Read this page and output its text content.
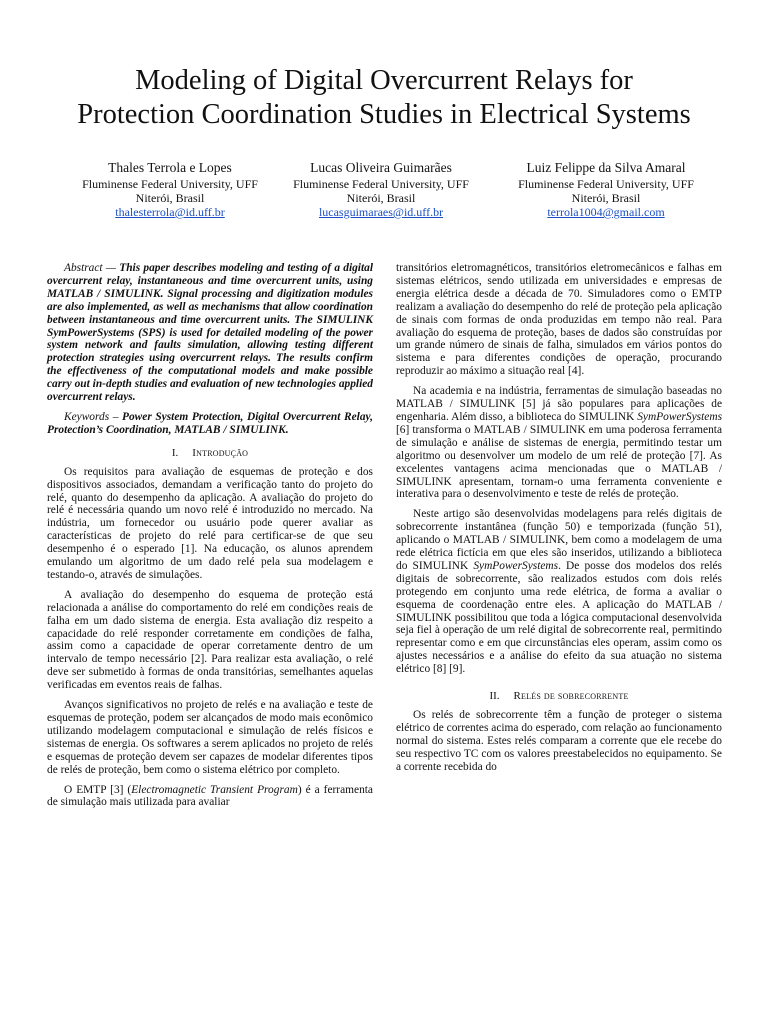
Modeling of Digital Overcurrent Relays for
Protection Coordination Studies in Electrical Systems
Thales Terrola e Lopes
Fluminense Federal University, UFF
Niterói, Brasil
thalesterrola@id.uff.br
Lucas Oliveira Guimarães
Fluminense Federal University, UFF
Niterói, Brasil
lucasguimaraes@id.uff.br
Luiz Felippe da Silva Amaral
Fluminense Federal University, UFF
Niterói, Brasil
terrola1004@gmail.com

Abstract — This paper describes modeling and testing of a digital overcurrent relay, instantaneous and time overcurrent units, using MATLAB / SIMULINK. Signal processing and digitization modules are also implemented, as well as mechanisms that allow coordination between instantaneous and time overcurrent units. The SIMULINK SymPowerSystems (SPS) is used for detailed modeling of the power system network and faults simulation, allowing testing different protection strategies using overcurrent relays. The results confirm the effectiveness of the computational models and make possible carry out in-depth studies and evaluation of new technologies applied overcurrent relays.

Keywords – Power System Protection, Digital Overcurrent Relay, Protection’s Coordination, MATLAB / SIMULINK.

I. Introdução

Os requisitos para avaliação de esquemas de proteção e dos dispositivos associados, demandam a verificação tanto do projeto do relé, quanto do desempenho da aplicação. A avaliação do projeto do relé é necessária quando um novo relé é introduzido no mercado. Na indústria, um fornecedor ou usuário pode querer avaliar as características de projeto do relé para certificar-se de que seu desempenho é o esperado [1]. Na educação, os alunos aprendem emulando um algoritmo de um dado relé pela sua modelagem e testando-o, através de simulações.

A avaliação do desempenho do esquema de proteção está relacionada a análise do comportamento do relé em condições reais de falha em um dado sistema de energia. Esta avaliação diz respeito a capacidade do relé responder corretamente em condições de falha, assim como a capacidade de operar corretamente dentro de um intervalo de tempo necessário [2]. Para realizar esta avaliação, o relé deve ser submetido à formas de onda transitórias, semelhantes aquelas verificadas em eventos reais de falhas.

Avanços significativos no projeto de relés e na avaliação e teste de esquemas de proteção, podem ser alcançados de modo mais econômico utilizando modelagem computacional e simulação de relés físicos e sistemas de energia. Os softwares a serem aplicados no projeto de relés e esquemas de proteção devem ser capazes de modelar diferentes tipos de relés de proteção, bem como o sistema elétrico por completo.

O EMTP [3] (Electromagnetic Transient Program) é a ferramenta de simulação mais utilizada para avaliar

transitórios eletromagnéticos, transitórios eletromecânicos e falhas em sistemas elétricos, sendo utilizada em universidades e empresas de energia elétrica desde a década de 70. Simuladores como o EMTP realizam a avaliação do desempenho do relé de proteção pela aplicação de sinais com formas de onda produzidas em tempo não real. Para avaliação do esquema de proteção, bases de dados são construídas por um grande número de sinais de falha, simulados em vários pontos do sistema e para diferentes condições de operação, procurando reproduzir ao máximo a situação real [4].

Na academia e na indústria, ferramentas de simulação baseadas no MATLAB / SIMULINK [5] já são populares para aplicações de engenharia. Além disso, a biblioteca do SIMULINK SymPowerSystems [6] transforma o MATLAB / SIMULINK em uma poderosa ferramenta de simulação e análise de sistemas de energia, permitindo testar um algoritmo ou desenvolver um modelo de um relé de proteção [7]. As excelentes vantagens acima mencionadas que o MATLAB / SIMULINK apresentam, tornam-o uma ferramenta conveniente e interativa para o desenvolvimento e teste de relés de proteção.

Neste artigo são desenvolvidas modelagens para relés digitais de sobrecorrente instantânea (função 50) e temporizada (função 51), aplicando o MATLAB / SIMULINK, bem como a modelagem de uma rede elétrica fictícia em que eles são inseridos, utilizando a biblioteca do SIMULINK SymPowerSystems. De posse dos modelos dos relés digitais de sobrecorrente, são realizados estudos com dois relés protegendo em conjunto uma rede elétrica, de forma a avaliar o esquema de coordenação entre eles. A aplicação do MATLAB / SIMULINK possibilitou que toda a lógica computacional desenvolvida seja fiel à operação de um relé digital de sobrecorrente real, permitindo representar como e em que circunstâncias eles operam, assim como os ajustes necessários e a análise do efeito da sua atuação no sistema elétrico [8] [9].

II. Relés de sobrecorrente

Os relés de sobrecorrente têm a função de proteger o sistema elétrico de correntes acima do esperado, com relação ao funcionamento normal do sistema. Estes relés comparam a corrente que ele recebe do seu respectivo TC com os valores preestabelecidos no equipamento. Se a corrente recebida do
